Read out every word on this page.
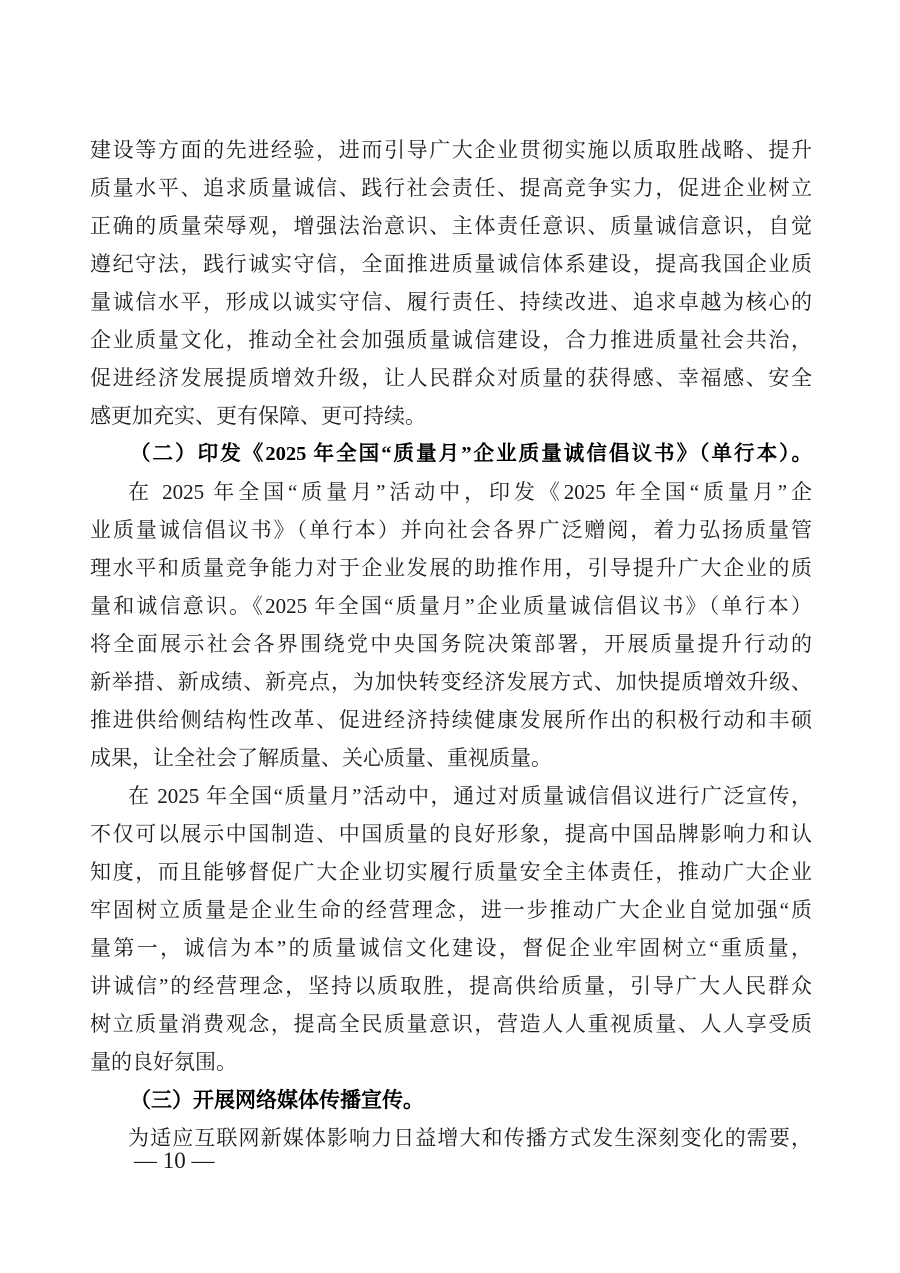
建设等方面的先进经验，进而引导广大企业贯彻实施以质取胜战略、提升
质量水平、追求质量诚信、践行社会责任、提高竞争实力，促进企业树立
正确的质量荣辱观，增强法治意识、主体责任意识、质量诚信意识，自觉
遵纪守法，践行诚实守信，全面推进质量诚信体系建设，提高我国企业质
量诚信水平，形成以诚实守信、履行责任、持续改进、追求卓越为核心的
企业质量文化，推动全社会加强质量诚信建设，合力推进质量社会共治，
促进经济发展提质增效升级，让人民群众对质量的获得感、幸福感、安全
感更加充实、更有保障、更可持续。
（二）印发《2025 年全国“质量月”企业质量诚信倡议书》（单行本）。
在 2025 年全国“质量月”活动中，印发《2025 年全国“质量月”企
业质量诚信倡议书》（单行本）并向社会各界广泛赠阅，着力弘扬质量管
理水平和质量竞争能力对于企业发展的助推作用，引导提升广大企业的质
量和诚信意识。《2025 年全国“质量月”企业质量诚信倡议书》（单行本）
将全面展示社会各界围绕党中央国务院决策部署，开展质量提升行动的
新举措、新成绩、新亮点，为加快转变经济发展方式、加快提质增效升级、
推进供给侧结构性改革、促进经济持续健康发展所作出的积极行动和丰硕
成果，让全社会了解质量、关心质量、重视质量。
在 2025 年全国“质量月”活动中，通过对质量诚信倡议进行广泛宣传，
不仅可以展示中国制造、中国质量的良好形象，提高中国品牌影响力和认
知度，而且能够督促广大企业切实履行质量安全主体责任，推动广大企业
牢固树立质量是企业生命的经营理念，进一步推动广大企业自觉加强“质
量第一，诚信为本”的质量诚信文化建设，督促企业牢固树立“重质量，
讲诚信”的经营理念，坚持以质取胜，提高供给质量，引导广大人民群众
树立质量消费观念，提高全民质量意识，营造人人重视质量、人人享受质
量的良好氛围。
（三）开展网络媒体传播宣传。
为适应互联网新媒体影响力日益增大和传播方式发生深刻变化的需要，
— 10 —
